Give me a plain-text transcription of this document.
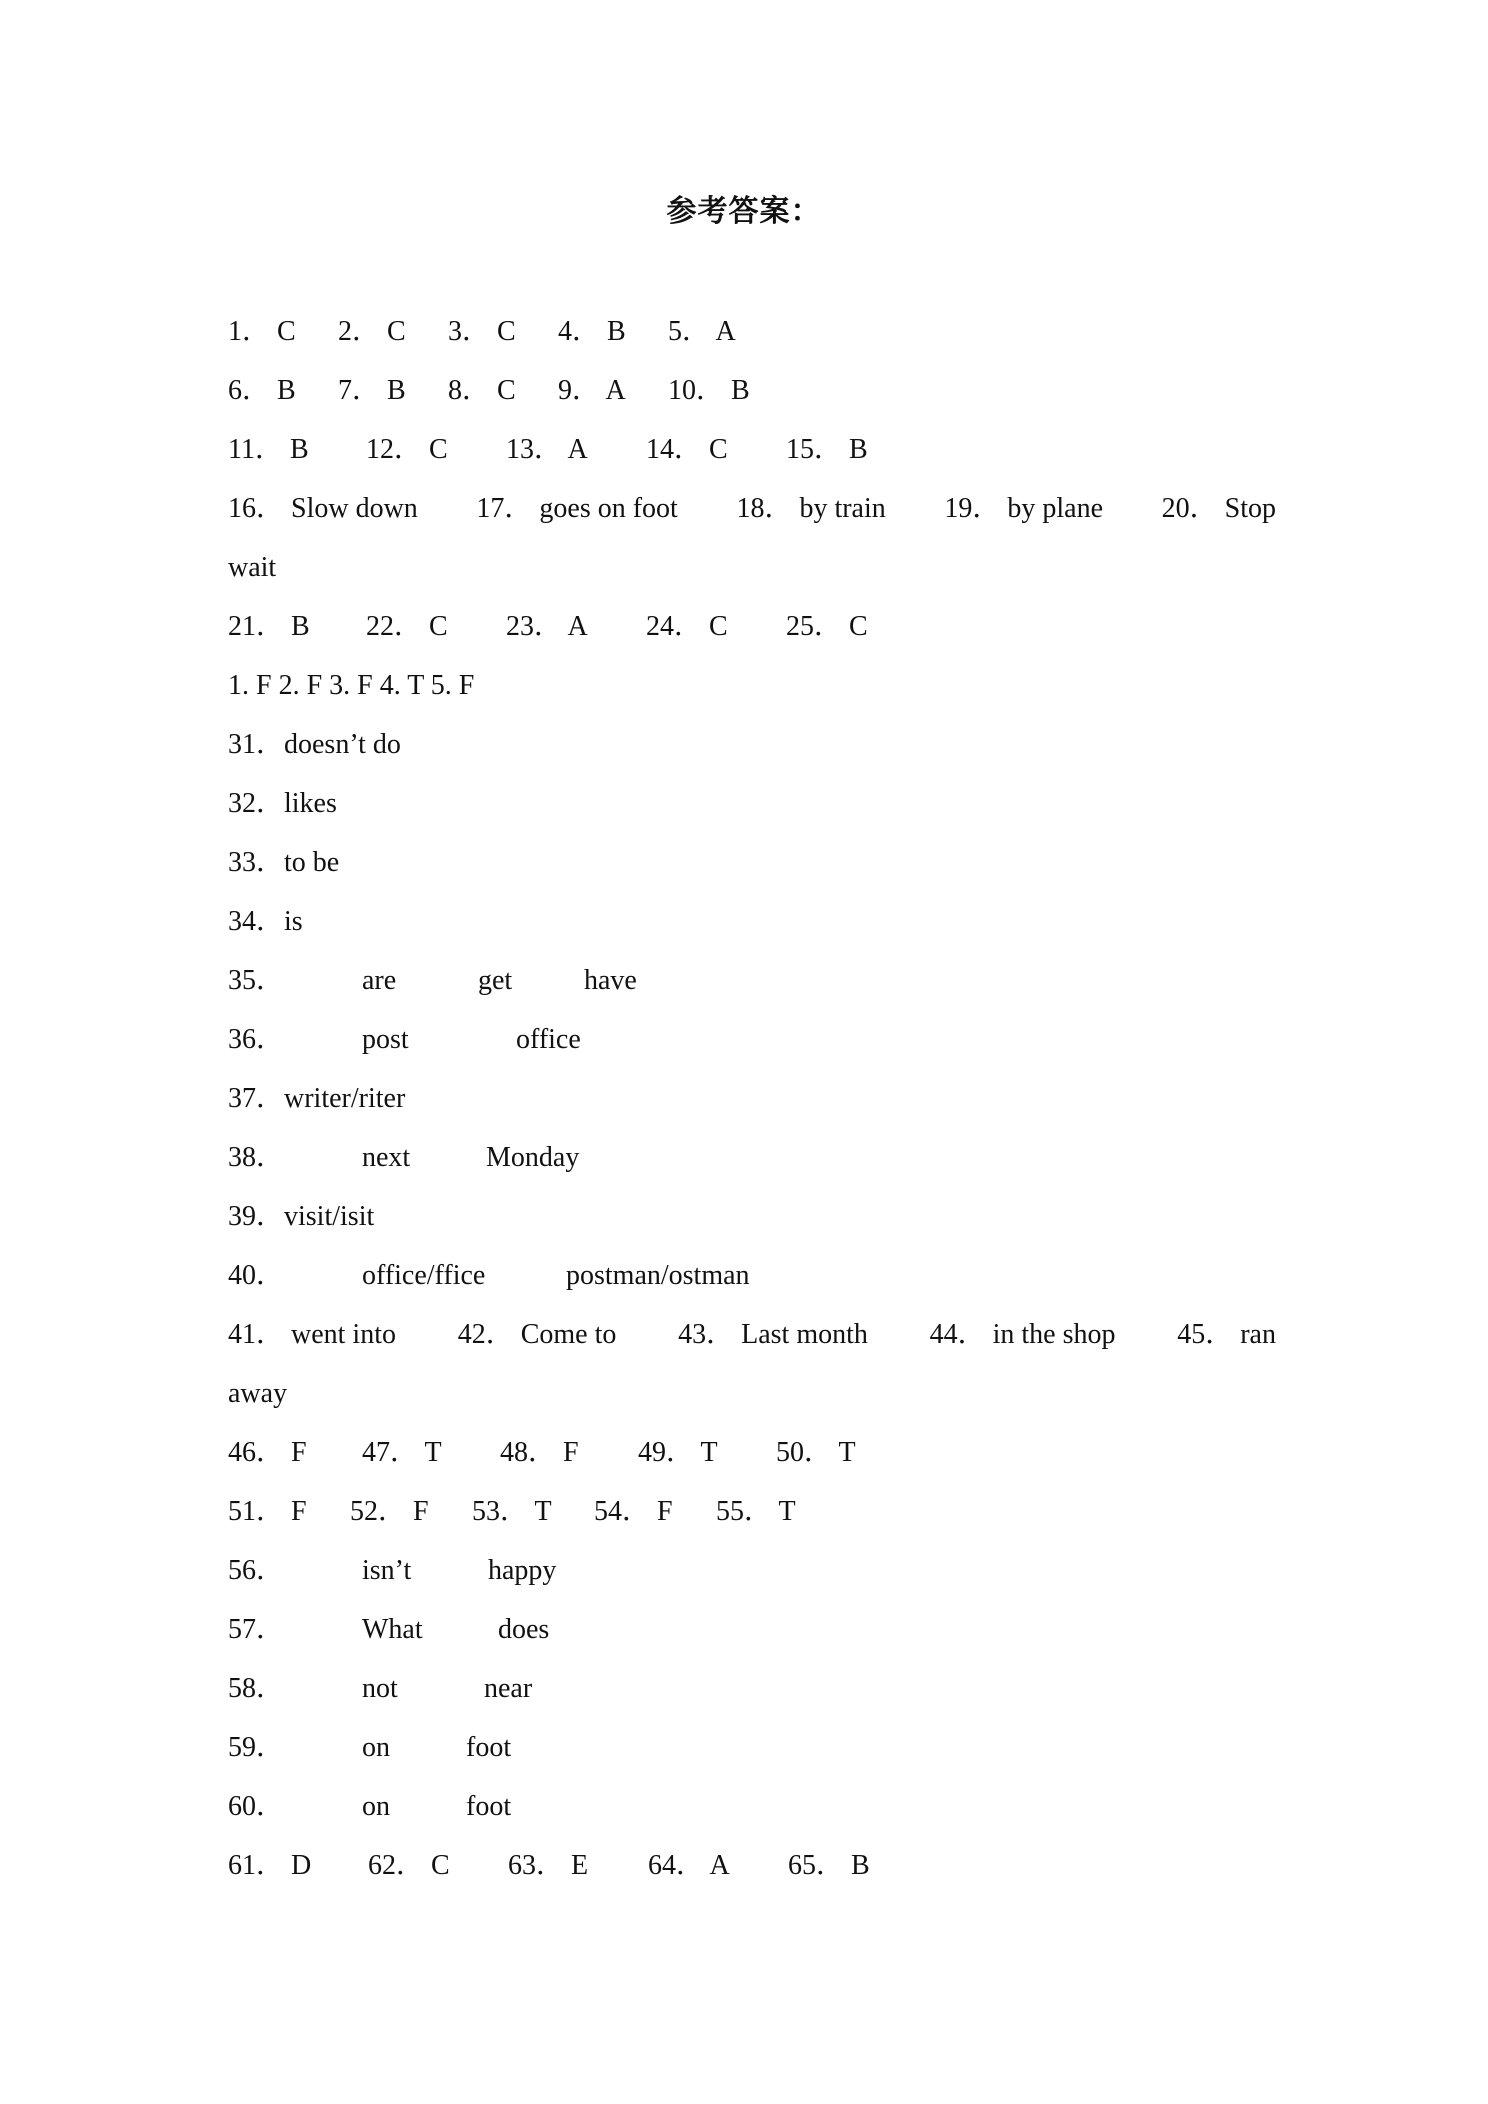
参考答案：
1． C 2． C 3． C 4． B 5． A
6． B 7． B 8． C 9． A 10． B
11． B 12． C 13． A 14． C 15． B
16． Slow down 17． goes on foot 18． by train 19． by plane 20． Stop
wait
21． B 22． C 23． A 24． C 25． C
1. F 2. F 3. F 4. T 5. F
31．doesn’t do
32．likes
33．to be
34．is
35．	are	get	have
36．	post	office
37．writer/riter
38．	next	Monday
39．visit/isit
40．	office/ffice	postman/ostman
41． went into 42． Come to 43． Last month 44． in the shop 45． ran
away
46． F 47． T 48． F 49． T 50． T
51． F 52． F 53． T 54． F 55． T
56．	isn’t	happy
57．	What	does
58．	not	near
59．	on	foot
60．	on	foot
61． D 62． C 63． E 64． A 65． B
